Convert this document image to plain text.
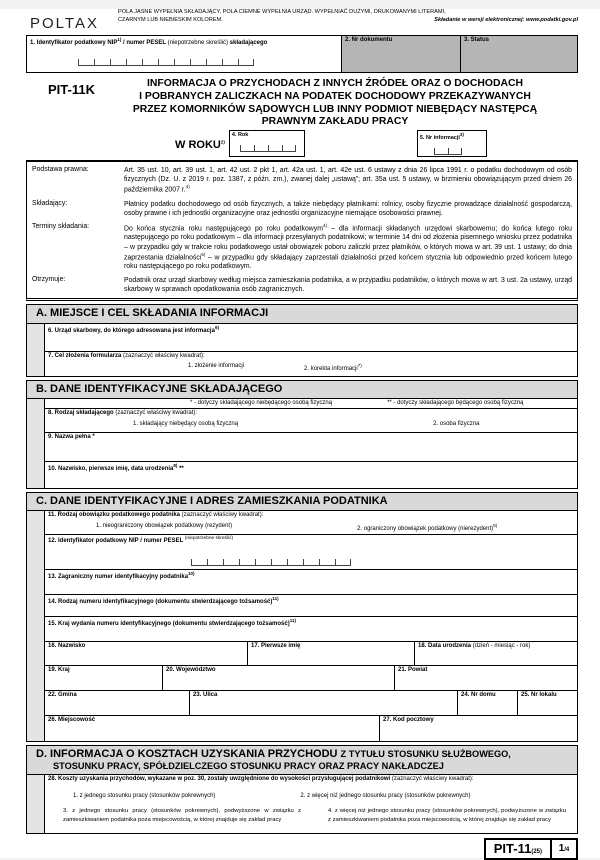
POLTAX
POLA JASNE WYPEŁNIA SKŁADAJĄCY, POLA CIEMNE WYPEŁNIA URZĄD. WYPEŁNIAĆ DUŻYMI, DRUKOWANYMI LITERAMI, CZARNYM LUB NIEBIESKIM KOLOREM.	Składanie w wersji elektronicznej: www.podatki.gov.pl
1. Identyfikator podatkowy NIP$^{1)}$ / numer PESEL (niepotrzebne skreślić) składającego	2. Nr dokumentu	3. Status
PIT-11K	INFORMACJA O PRZYCHODACH Z INNYCH ŹRÓDEŁ ORAZ O DOCHODACH
I POBRANYCH ZALICZKACH NA PODATEK DOCHODOWY PRZEKAZYWANYCH
PRZEZ KOMORNIKÓW SĄDOWYCH LUB INNY PODMIOT NIEBĘDĄCY NASTĘPCĄ
PRAWNYM ZAKŁADU PRACY
W ROKU$^{2)}$
4. Rok	5. Nr informacji$^{3)}$
Podstawa prawna:	Art. 35 ust. 10, art. 39 ust. 1, art. 42 ust. 2 pkt 1, art. 42a ust. 1, art. 42e ust. 6 ustawy z dnia 26 lipca 1991 r. o podatku dochodowym od osób fizycznych (Dz. U. z 2019 r. poz. 1387, z późn. zm.), zwanej dalej „ustawą”; art. 35a ust. 5 ustawy, w brzmieniu obowiązującym przed dniem 26 października 2007 r.$^{4)}$
Składający:	Płatnicy podatku dochodowego od osób fizycznych, a także niebędący płatnikami: rolnicy, osoby fizyczne prowadzące działalność gospodarczą, osoby prawne i ich jednostki organizacyjne oraz jednostki organizacyjne niemające osobowości prawnej.
Terminy składania:	Do końca stycznia roku następującego po roku podatkowym$^{4)}$ – dla informacji składanych urzędowi skarbowemu; do końca lutego roku następującego po roku podatkowym – dla informacji przesyłanych podatnikowi; w terminie 14 dni od złożenia pisemnego wniosku przez podatnika – w przypadku gdy w trakcie roku podatkowego ustał obowiązek poboru zaliczki przez płatników, o których mowa w art. 39 ust. 1 ustawy; do dnia zaprzestania działalności$^{5)}$ – w przypadku gdy składający zaprzestali działalności przed końcem stycznia lub odpowiednio przed końcem lutego roku następującego po roku podatkowym.
Otrzymuje:	Podatnik oraz urząd skarbowy według miejsca zamieszkania podatnika, a w przypadku podatników, o których mowa w art. 3 ust. 2a ustawy, urząd skarbowy w sprawach opodatkowania osób zagranicznych.
A. MIEJSCE I CEL SKŁADANIA INFORMACJI
6. Urząd skarbowy, do którego adresowana jest informacja$^{6)}$
7. Cel złożenia formularza (zaznaczyć właściwy kwadrat):
1. złożenie informacji	2. korekta informacji$^{7)}$
B. DANE IDENTYFIKACYJNE SKŁADAJĄCEGO
* - dotyczy składającego niebędącego osobą fizyczną	** - dotyczy składającego będącego osobą fizyczną
8. Rodzaj składającego (zaznaczyć właściwy kwadrat):
1. składający niebędący osobą fizyczną	2. osoba fizyczna
9. Nazwa pełna *
10. Nazwisko, pierwsze imię, data urodzenia$^{8)}$ **
C. DANE IDENTYFIKACYJNE I ADRES ZAMIESZKANIA PODATNIKA
11. Rodzaj obowiązku podatkowego podatnika (zaznaczyć właściwy kwadrat):
1. nieograniczony obowiązek podatkowy (rezydent)	2. ograniczony obowiązek podatkowy (nierezydent)$^{9)}$
12. Identyfikator podatkowy NIP / numer PESEL $^{(niepotrzebne skreślić)}$
13. Zagraniczny numer identyfikacyjny podatnika$^{10)}$
14. Rodzaj numeru identyfikacyjnego (dokumentu stwierdzającego tożsamość)$^{11)}$
15. Kraj wydania numeru identyfikacyjnego (dokumentu stwierdzającego tożsamość)$^{11)}$
16. Nazwisko	17. Pierwsze imię	18. Data urodzenia (dzień - miesiąc - rok)
19. Kraj	20. Województwo	21. Powiat
22. Gmina	23. Ulica	24. Nr domu	25. Nr lokalu
26. Miejscowość	27. Kod pocztowy
D. INFORMACJA O KOSZTACH UZYSKANIA PRZYCHODU Z TYTUŁU STOSUNKU SŁUŻBOWEGO,
STOSUNKU PRACY, SPÓŁDZIELCZEGO STOSUNKU PRACY ORAZ PRACY NAKŁADCZEJ
28. Koszty uzyskania przychodów, wykazane w poz. 30, zostały uwzględnione do wysokości przysługującej podatnikowi (zaznaczyć właściwy kwadrat):
1. z jednego stosunku pracy (stosunków pokrewnych)	2. z więcej niż jednego stosunku pracy (stosunków pokrewnych)
3. z jednego stosunku pracy (stosunków pokrewnych), podwyższone w związku z zamieszkiwaniem podatnika poza miejscowością, w której znajduje się zakład pracy
4. z więcej niż jednego stosunku pracy (stosunków pokrewnych), podwyższone w związku z zamieszkiwaniem podatnika poza miejscowością, w której znajduje się zakład pracy
PIT-11(25)	1/4
